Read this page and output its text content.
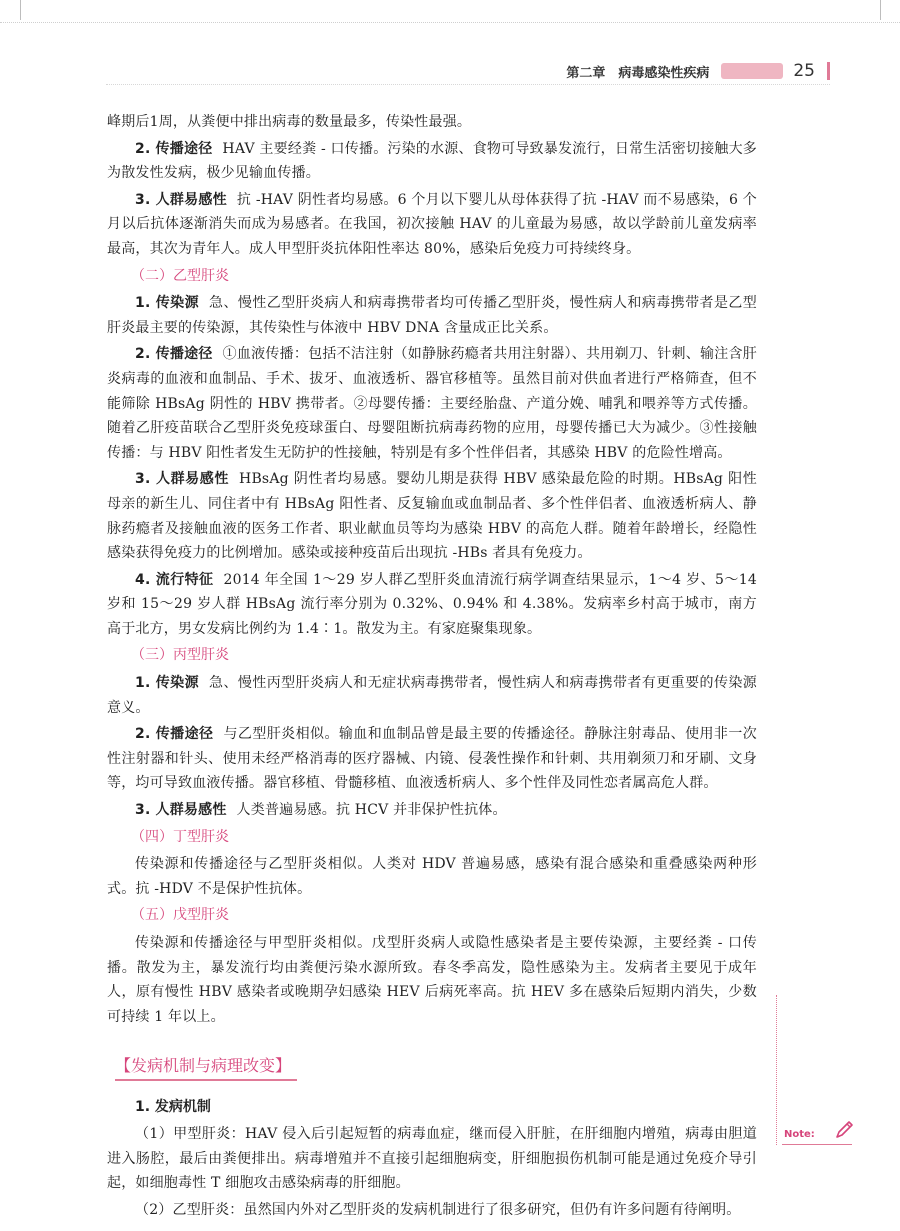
第二章　病毒感染性疾病	25

峰期后1周，从粪便中排出病毒的数量最多，传染性最强。

2. 传播途径 HAV 主要经粪 - 口传播。污染的水源、食物可导致暴发流行，日常生活密切接触大多为散发性发病，极少见输血传播。

3. 人群易感性 抗 -HAV 阴性者均易感。6 个月以下婴儿从母体获得了抗 -HAV 而不易感染，6 个月以后抗体逐渐消失而成为易感者。在我国，初次接触 HAV 的儿童最为易感，故以学龄前儿童发病率最高，其次为青年人。成人甲型肝炎抗体阳性率达 80%，感染后免疫力可持续终身。

（二）乙型肝炎

1. 传染源 急、慢性乙型肝炎病人和病毒携带者均可传播乙型肝炎，慢性病人和病毒携带者是乙型肝炎最主要的传染源，其传染性与体液中 HBV DNA 含量成正比关系。

2. 传播途径 ①血液传播：包括不洁注射（如静脉药瘾者共用注射器）、共用剃刀、针刺、输注含肝炎病毒的血液和血制品、手术、拔牙、血液透析、器官移植等。虽然目前对供血者进行严格筛查，但不能筛除 HBsAg 阴性的 HBV 携带者。②母婴传播：主要经胎盘、产道分娩、哺乳和喂养等方式传播。随着乙肝疫苗联合乙型肝炎免疫球蛋白、母婴阻断抗病毒药物的应用，母婴传播已大为减少。③性接触传播：与 HBV 阳性者发生无防护的性接触，特别是有多个性伴侣者，其感染 HBV 的危险性增高。

3. 人群易感性 HBsAg 阴性者均易感。婴幼儿期是获得 HBV 感染最危险的时期。HBsAg 阳性母亲的新生儿、同住者中有 HBsAg 阳性者、反复输血或血制品者、多个性伴侣者、血液透析病人、静脉药瘾者及接触血液的医务工作者、职业献血员等均为感染 HBV 的高危人群。随着年龄增长，经隐性感染获得免疫力的比例增加。感染或接种疫苗后出现抗 -HBs 者具有免疫力。

4. 流行特征 2014 年全国 1～29 岁人群乙型肝炎血清流行病学调查结果显示，1～4 岁、5～14 岁和 15～29 岁人群 HBsAg 流行率分别为 0.32%、0.94% 和 4.38%。发病率乡村高于城市，南方高于北方，男女发病比例约为 1.4∶1。散发为主。有家庭聚集现象。

（三）丙型肝炎

1. 传染源 急、慢性丙型肝炎病人和无症状病毒携带者，慢性病人和病毒携带者有更重要的传染源意义。

2. 传播途径 与乙型肝炎相似。输血和血制品曾是最主要的传播途径。静脉注射毒品、使用非一次性注射器和针头、使用未经严格消毒的医疗器械、内镜、侵袭性操作和针刺、共用剃须刀和牙刷、文身等，均可导致血液传播。器官移植、骨髓移植、血液透析病人、多个性伴及同性恋者属高危人群。

3. 人群易感性 人类普遍易感。抗 HCV 并非保护性抗体。

（四）丁型肝炎

传染源和传播途径与乙型肝炎相似。人类对 HDV 普遍易感，感染有混合感染和重叠感染两种形式。抗 -HDV 不是保护性抗体。

（五）戊型肝炎

传染源和传播途径与甲型肝炎相似。戊型肝炎病人或隐性感染者是主要传染源，主要经粪 - 口传播。散发为主，暴发流行均由粪便污染水源所致。春冬季高发，隐性感染为主。发病者主要见于成年人，原有慢性 HBV 感染者或晚期孕妇感染 HEV 后病死率高。抗 HEV 多在感染后短期内消失，少数可持续 1 年以上。

【发病机制与病理改变】
1. 发病机制

（1）甲型肝炎：HAV 侵入后引起短暂的病毒血症，继而侵入肝脏，在肝细胞内增殖，病毒由胆道进入肠腔，最后由粪便排出。病毒增殖并不直接引起细胞病变，肝细胞损伤机制可能是通过免疫介导引起，如细胞毒性 T 细胞攻击感染病毒的肝细胞。

（2）乙型肝炎：虽然国内外对乙型肝炎的发病机制进行了很多研究，但仍有许多问题有待阐明。

Note:
